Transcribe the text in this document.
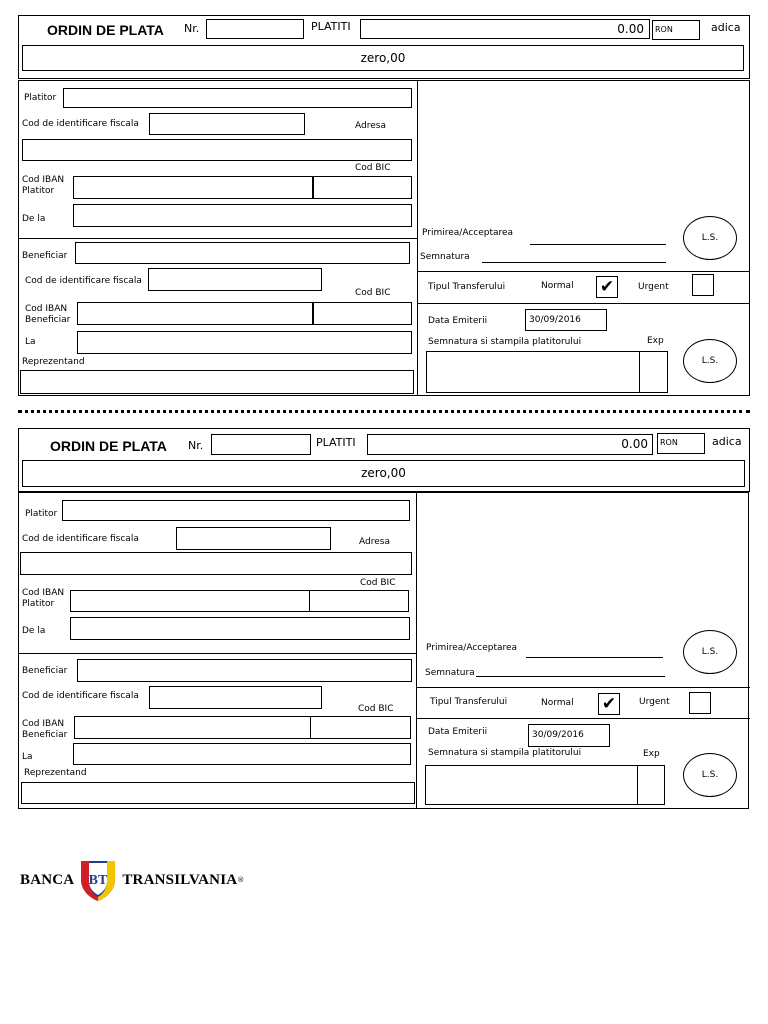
ORDIN DE PLATA Nr.	PLATITI	0.00	RON	adica
zero,00
Platitor
Cod de identificare fiscala	Adresa
Cod BIC
Cod IBAN Platitor
De la
Beneficiar
Cod de identificare fiscala
Cod BIC
Cod IBAN Beneficiar
La
Reprezentand
Primirea/Acceptarea
Semnatura
L.S.
Tipul Transferului	Normal ✔	Urgent
Data Emiterii	30/09/2016
Semnatura si stampila platitorului	Exp
L.S.
ORDIN DE PLATA Nr.	PLATITI	0.00	RON	adica
zero,00
Platitor
Cod de identificare fiscala	Adresa
Cod BIC
Cod IBAN Platitor
De la
Beneficiar
Cod de identificare fiscala
Cod BIC
Cod IBAN Beneficiar
La
Reprezentand
Primirea/Acceptarea
Semnatura
L.S.
Tipul Transferului	Normal ✔	Urgent
Data Emiterii	30/09/2016
Semnatura si stampila platitorului	Exp
L.S.
BANCA BT TRANSILVANIA ®
